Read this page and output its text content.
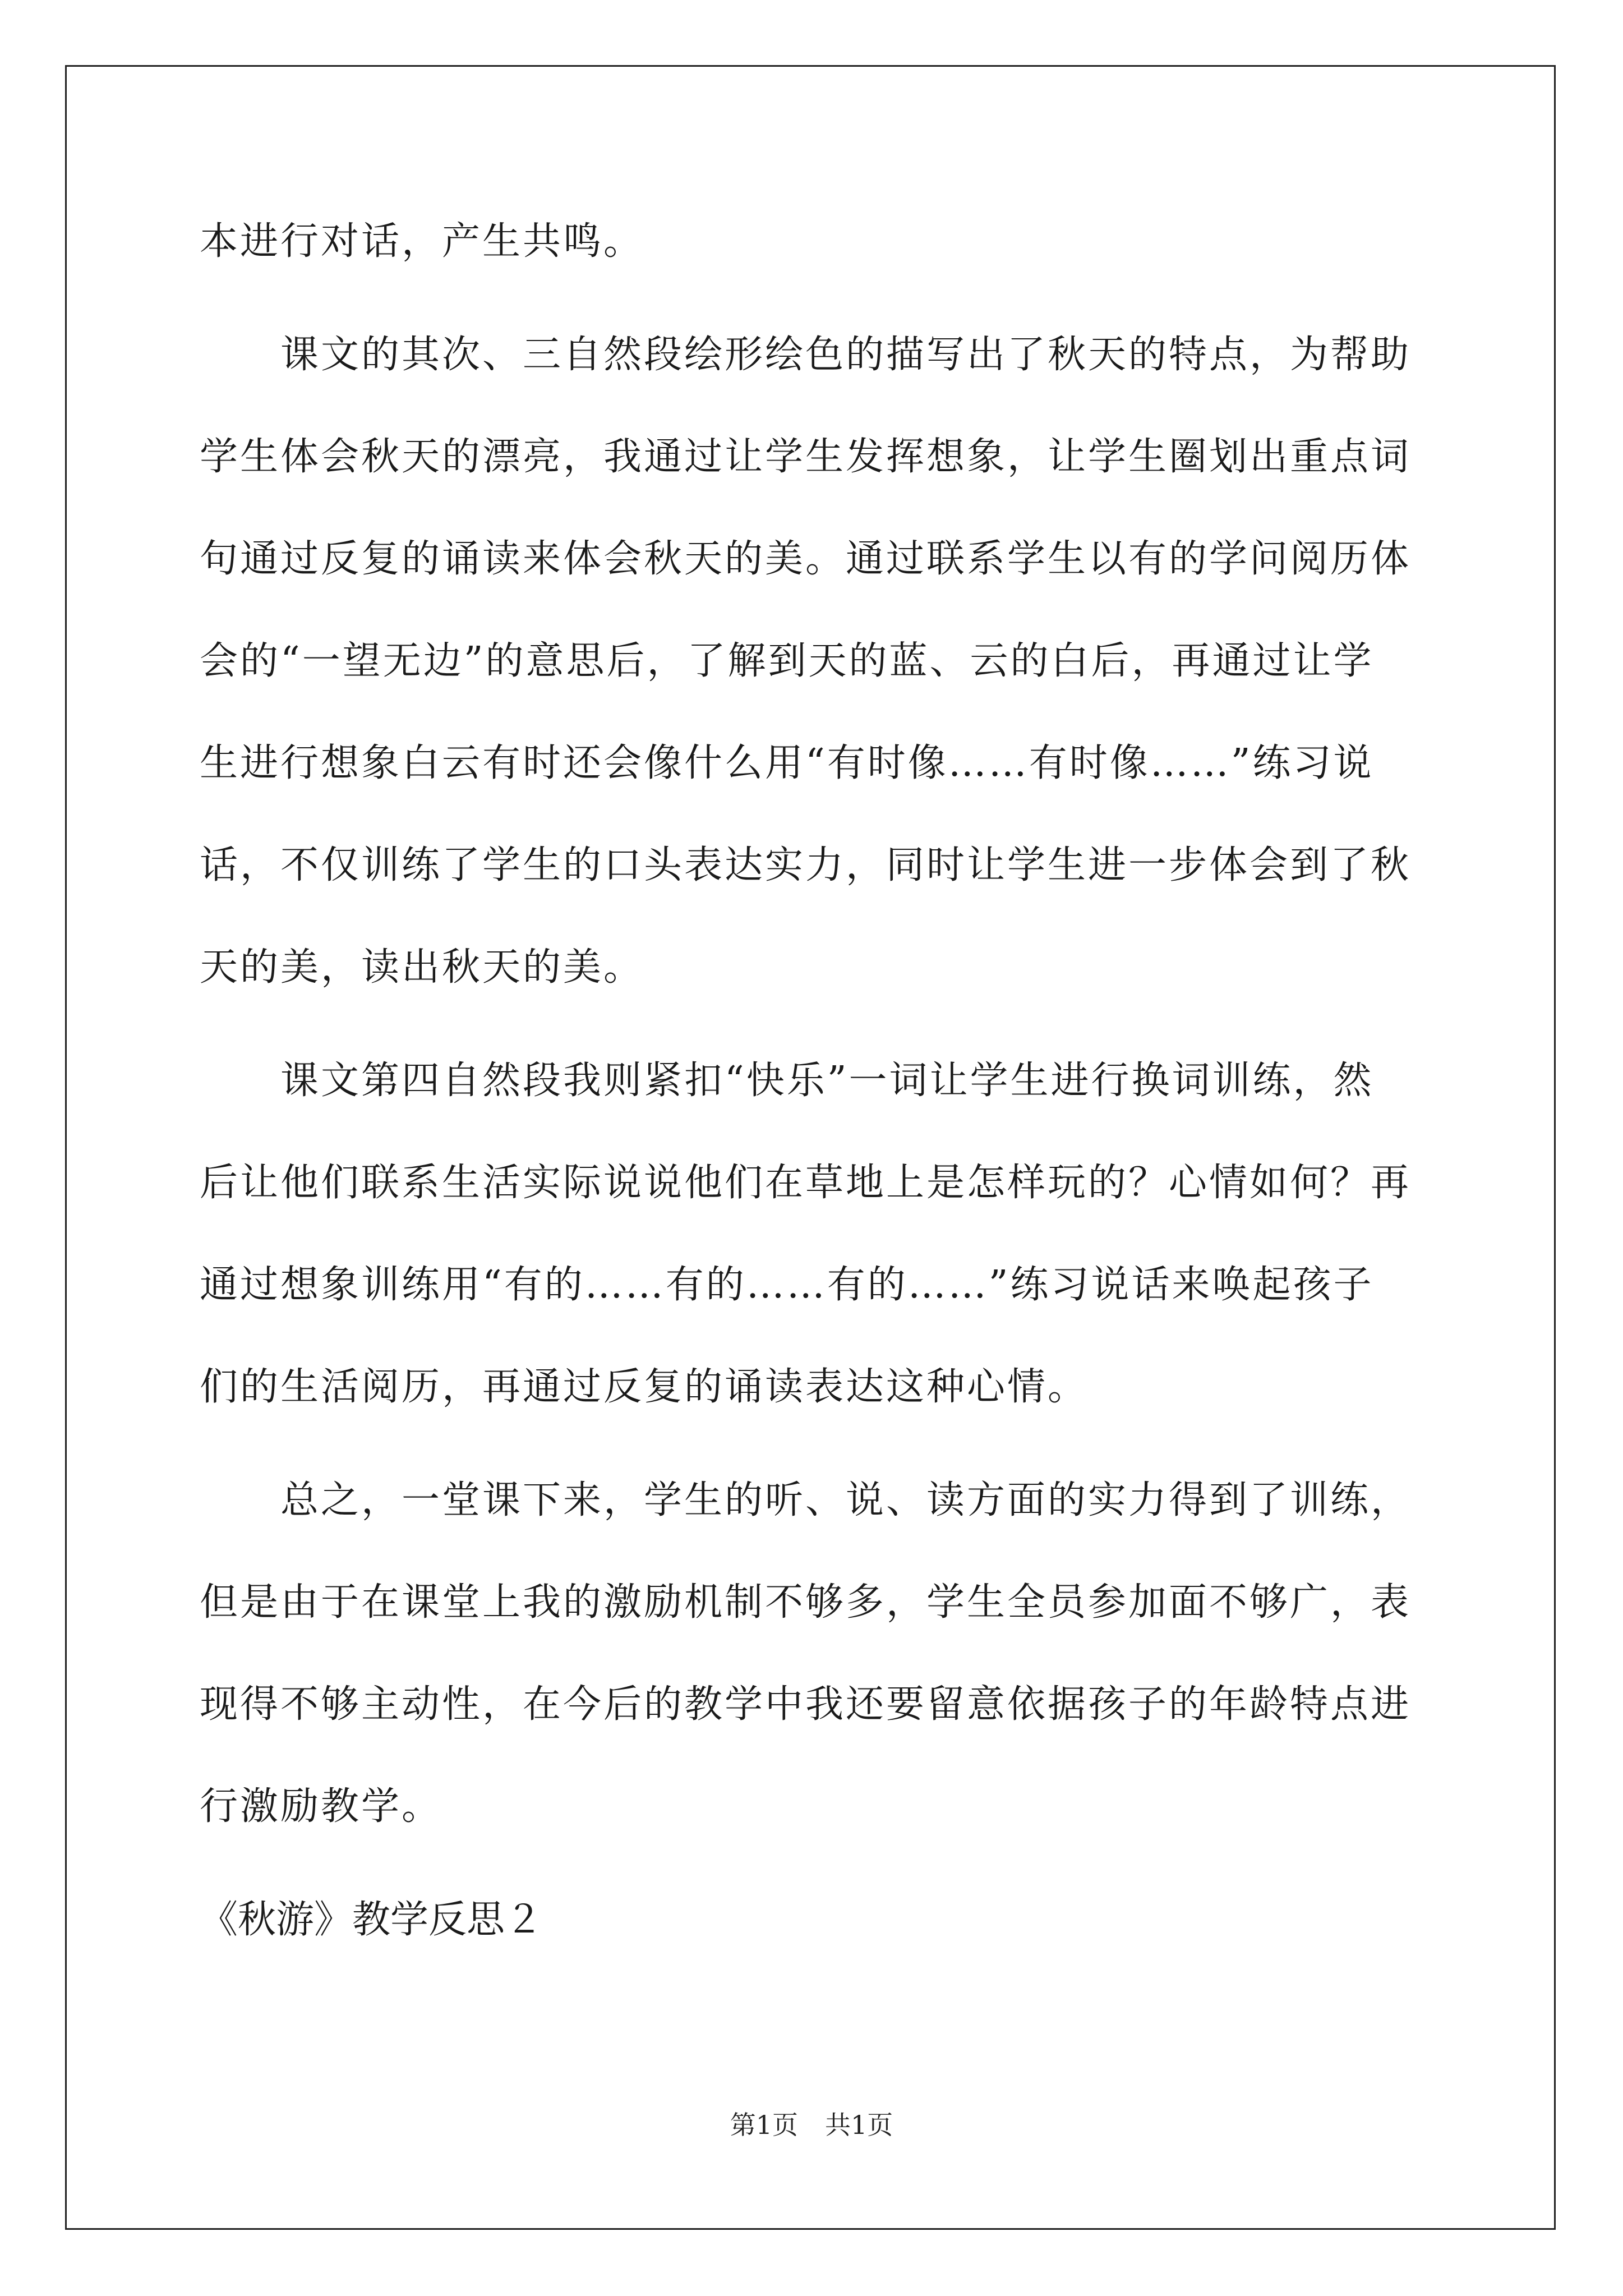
本进行对话，产生共鸣。
　　课文的其次、三自然段绘形绘色的描写出了秋天的特点，为帮助
学生体会秋天的漂亮，我通过让学生发挥想象，让学生圈划出重点词
句通过反复的诵读来体会秋天的美。通过联系学生以有的学问阅历体
会的“一望无边”的意思后，了解到天的蓝、云的白后，再通过让学
生进行想象白云有时还会像什么用“有时像……有时像……”练习说
话，不仅训练了学生的口头表达实力，同时让学生进一步体会到了秋
天的美，读出秋天的美。
　　课文第四自然段我则紧扣“快乐”一词让学生进行换词训练，然
后让他们联系生活实际说说他们在草地上是怎样玩的？心情如何？再
通过想象训练用“有的……有的……有的……”练习说话来唤起孩子
们的生活阅历，再通过反复的诵读表达这种心情。
　　总之，一堂课下来，学生的听、说、读方面的实力得到了训练，
但是由于在课堂上我的激励机制不够多，学生全员参加面不够广，表
现得不够主动性，在今后的教学中我还要留意依据孩子的年龄特点进
行激励教学。
《秋游》教学反思２
第1页 共1页
